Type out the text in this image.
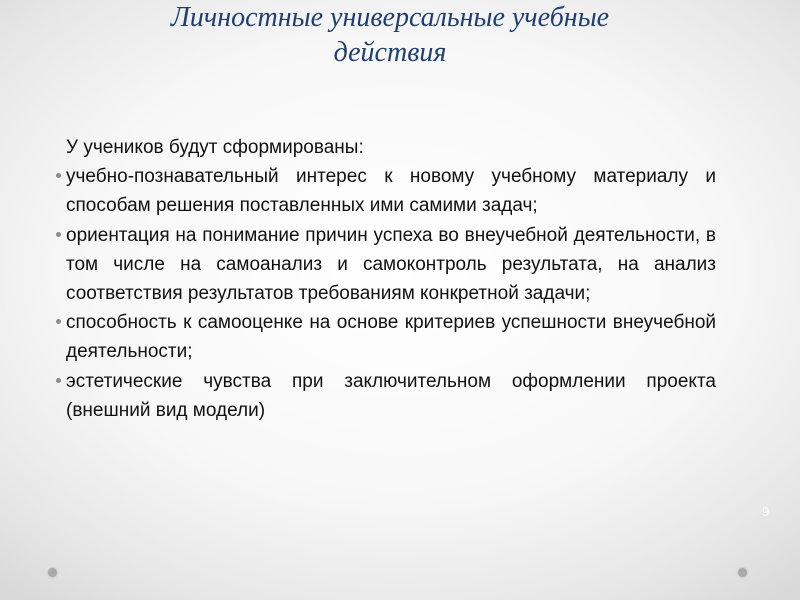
Личностные универсальные учебные
действия
У учеников будут сформированы:
учебно-познавательный интерес к новому учебному материалу и способам решения поставленных ими самими задач;
ориентация на понимание причин успеха во внеучебной деятельности, в том числе на самоанализ и самоконтроль результата, на анализ соответствия результатов требованиям конкретной задачи;
способность к самооценке на основе критериев успешности внеучебной деятельности;
эстетические чувства при заключительном оформлении проекта (внешний вид модели)
9
